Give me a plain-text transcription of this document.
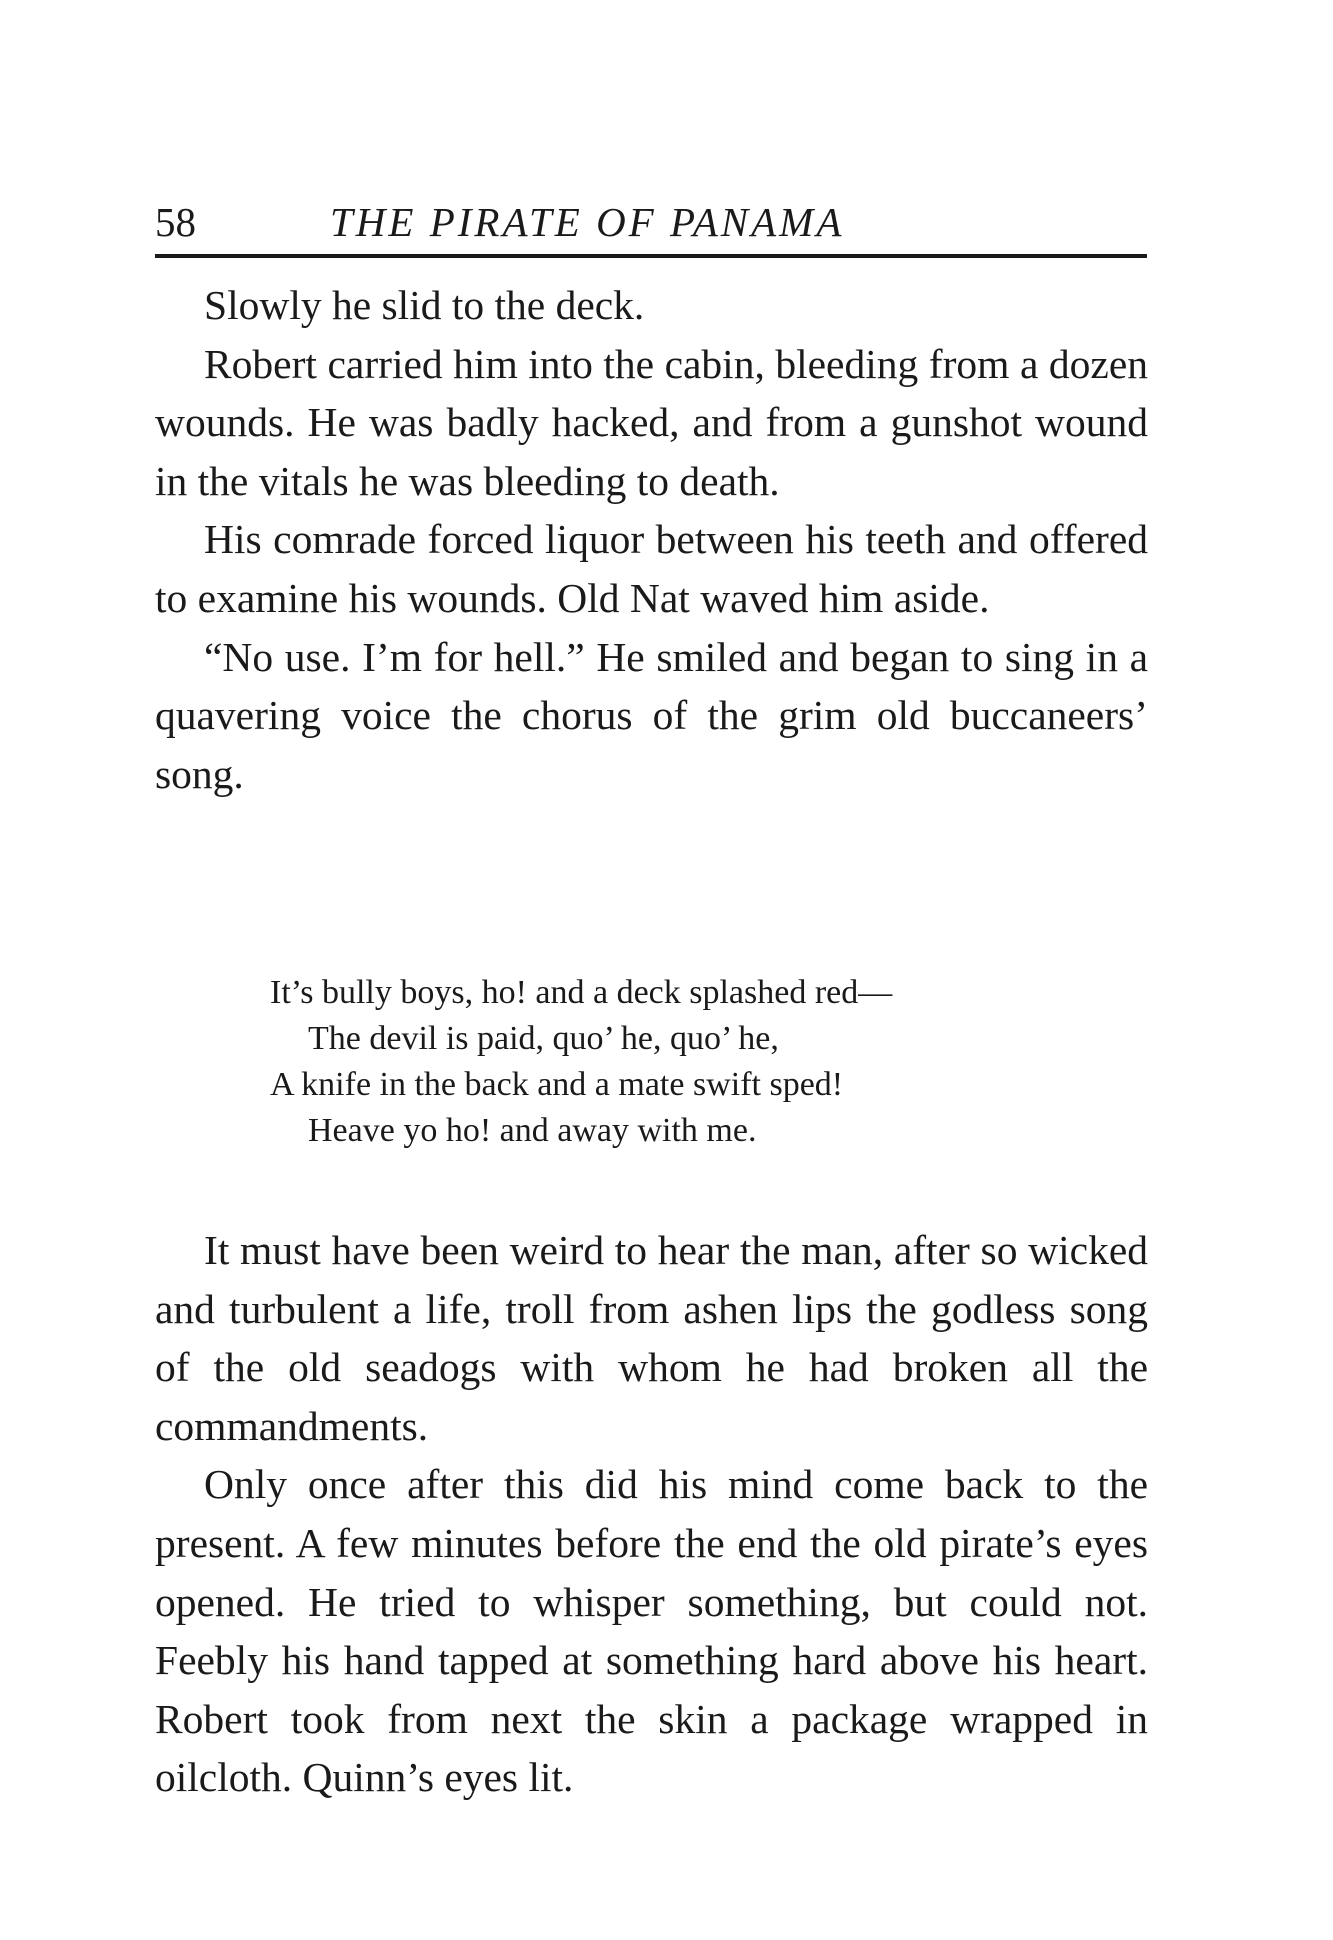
58	THE PIRATE OF PANAMA

Slowly he slid to the deck.

Robert carried him into the cabin, bleeding from a dozen wounds. He was badly hacked, and from a gunshot wound in the vitals he was bleeding to death.

His comrade forced liquor between his teeth and offered to examine his wounds. Old Nat waved him aside.

“No use. I’m for hell.” He smiled and began to sing in a quavering voice the chorus of the grim old buccaneers’ song.

It’s bully boys, ho! and a deck splashed red—
The devil is paid, quo’ he, quo’ he,
A knife in the back and a mate swift sped!
Heave yo ho! and away with me.

It must have been weird to hear the man, after so wicked and turbulent a life, troll from ashen lips the godless song of the old seadogs with whom he had broken all the commandments.

Only once after this did his mind come back to the present. A few minutes before the end the old pirate’s eyes opened. He tried to whisper something, but could not. Feebly his hand tapped at something hard above his heart. Robert took from next the skin a package wrapped in oilcloth. Quinn’s eyes lit.
